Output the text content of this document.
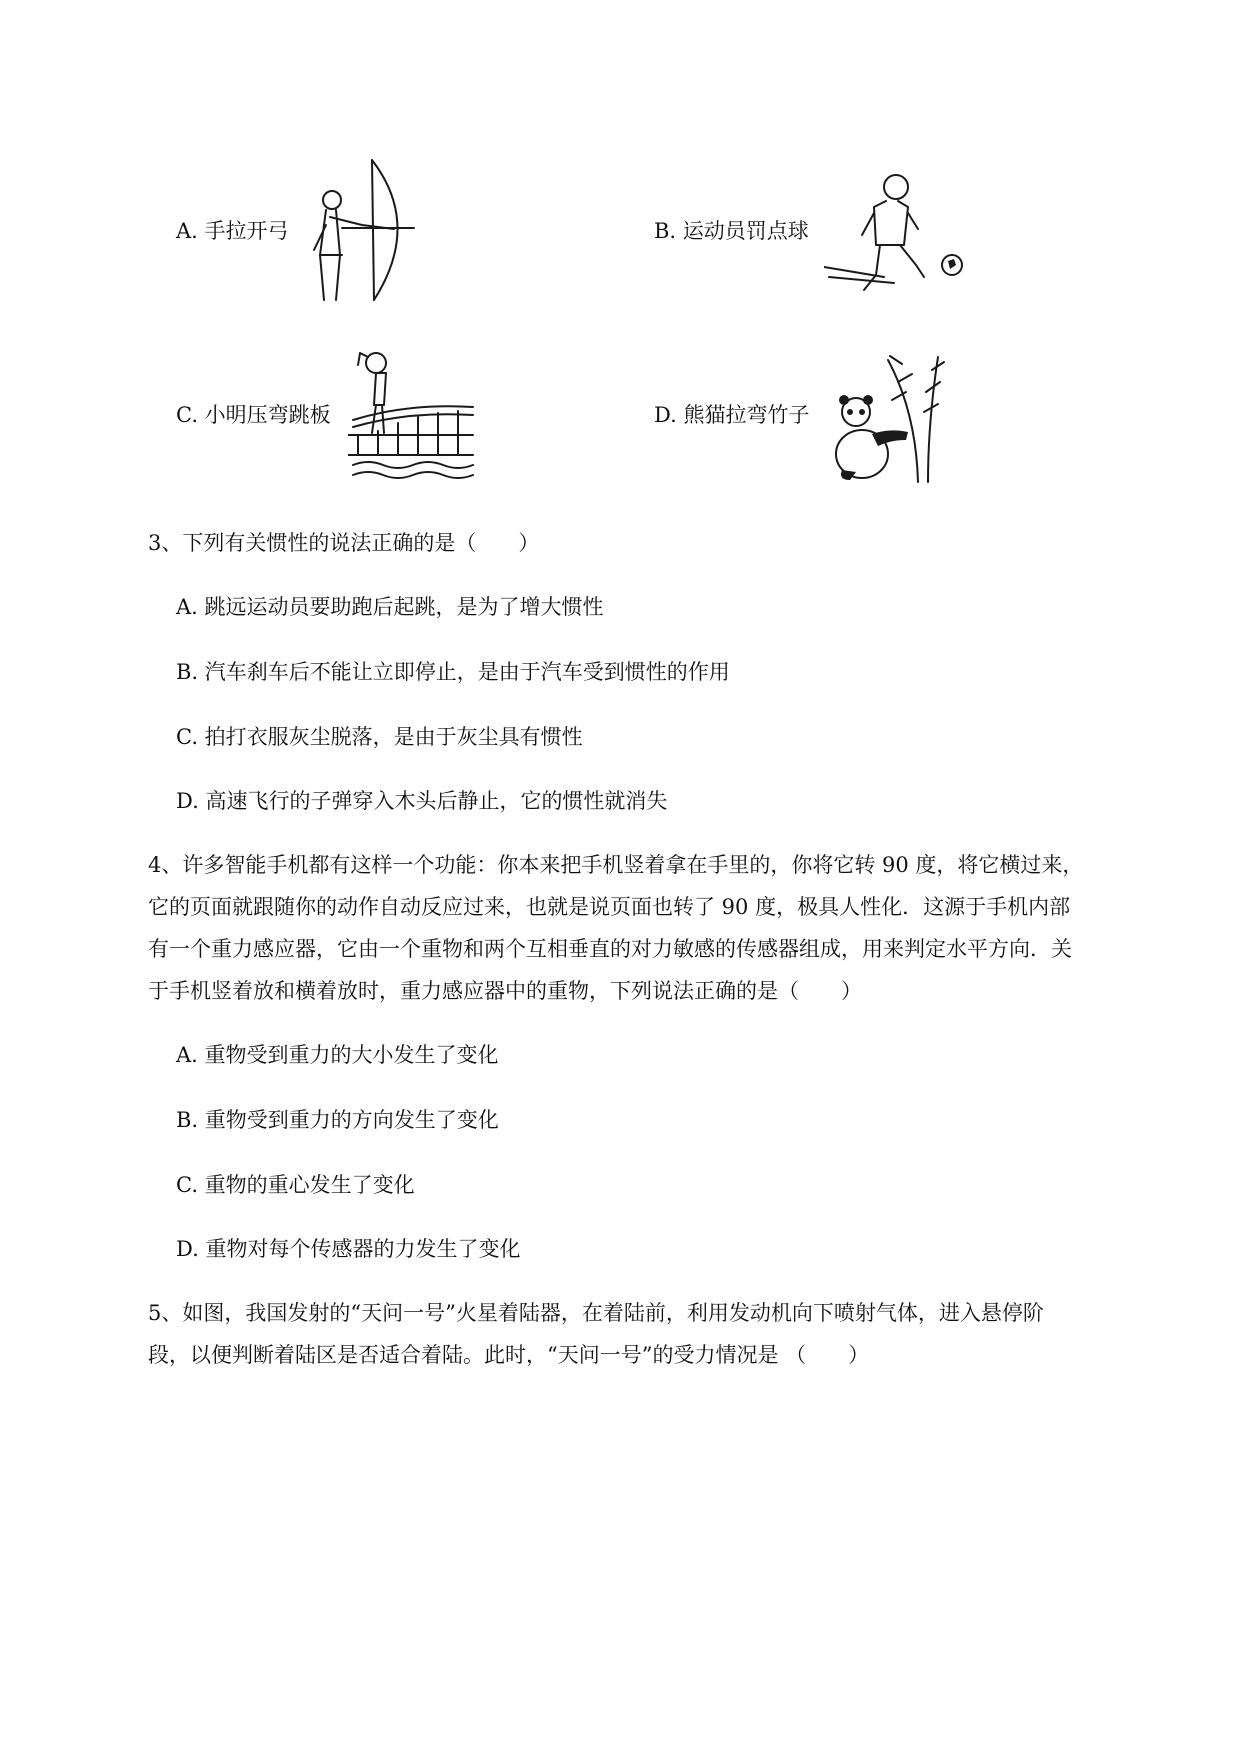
A. 手拉开弓	B. 运动员罚点球
C. 小明压弯跳板	D. 熊猫拉弯竹子
3、下列有关惯性的说法正确的是（　　）
A. 跳远运动员要助跑后起跳，是为了增大惯性
B. 汽车刹车后不能让立即停止，是由于汽车受到惯性的作用
C. 拍打衣服灰尘脱落，是由于灰尘具有惯性
D. 高速飞行的子弹穿入木头后静止，它的惯性就消失
4、许多智能手机都有这样一个功能：你本来把手机竖着拿在手里的，你将它转 90 度，将它横过来，
它的页面就跟随你的动作自动反应过来，也就是说页面也转了 90 度，极具人性化．这源于手机内部
有一个重力感应器，它由一个重物和两个互相垂直的对力敏感的传感器组成，用来判定水平方向．关
于手机竖着放和横着放时，重力感应器中的重物，下列说法正确的是（　　）
A. 重物受到重力的大小发生了变化
B. 重物受到重力的方向发生了变化
C. 重物的重心发生了变化
D. 重物对每个传感器的力发生了变化
5、如图，我国发射的“天问一号”火星着陆器，在着陆前，利用发动机向下喷射气体，进入悬停阶
段，以便判断着陆区是否适合着陆。此时，“天问一号”的受力情况是 （　　）
